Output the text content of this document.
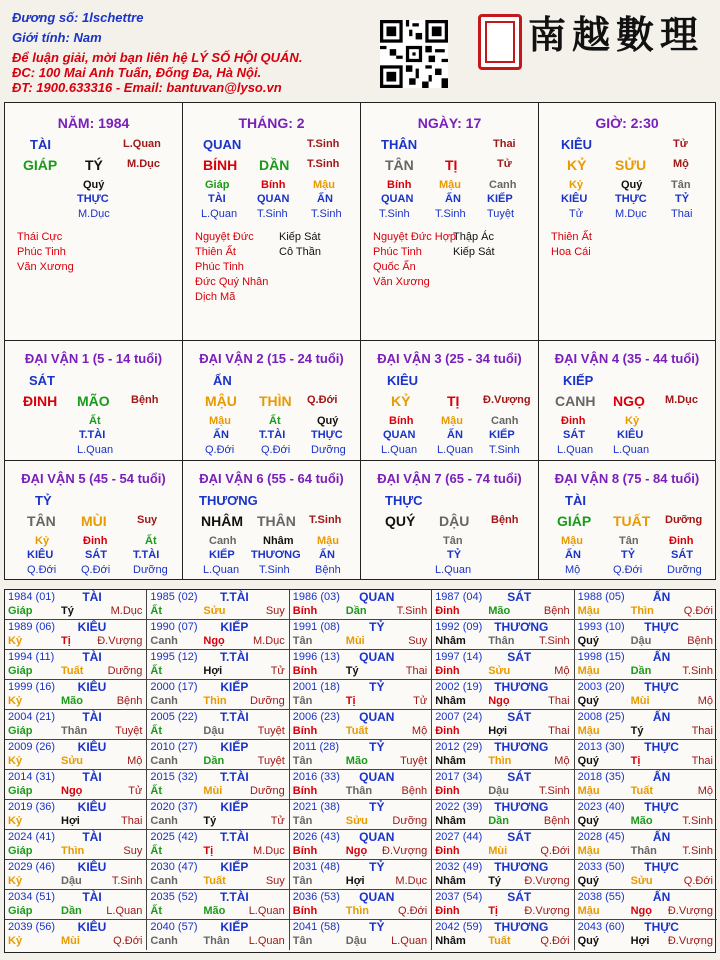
Đương số: 1lschettre
Giới tính: Nam
Để luận giải, mời bạn liên hệ LÝ SỐ HỘI QUÁN.
ĐC: 100 Mai Anh Tuấn, Đống Đa, Hà Nội.
ĐT: 1900.633316 - Email: bantuvan@lyso.vn
南越數理
NĂM: 1984
TÀI	L.Quan
GIÁP TÝ M.Dục
Quý
THỰC
M.Dục
Thái Cực
Phúc Tinh
Văn Xương
THÁNG: 2
QUAN	T.Sinh
BÍNH DẦN T.Sinh
Giáp
TÀI
L.Quan
Bính
QUAN
T.Sinh
Mậu
ẤN
T.Sinh
Nguyệt Đức
Thiên Ất
Phúc Tinh
Đức Quý Nhân
Dịch Mã
Kiếp Sát
Cô Thần
NGÀY: 17
THÂN	Thai
TÂN TỊ	Tử
Bính
QUAN
T.Sinh
Mậu
ẤN
T.Sinh
Canh
KIẾP
Tuyệt
Nguyệt Đức Hợp
Phúc Tinh
Quốc Ấn
Văn Xương
Thập Ác
Kiếp Sát
GIỜ: 2:30
KIÊU	Tử
KỶ SỬU Mộ
Kỷ
KIÊU
Tử
Quý
THỰC
M.Dục
Tân
TỶ
Thai
Thiên Ất
Hoa Cái
ĐẠI VẬN 1 (5 - 14 tuổi)
SÁT
ĐINH MÃO Bệnh
Ất
T.TÀI
L.Quan
ĐẠI VẬN 2 (15 - 24 tuổi)
ẤN
MẬU THÌN Q.Đới
Mậu
ẤN
Q.Đới
Ất
T.TÀI
Q.Đới
Quý
THỰC
Dưỡng
ĐẠI VẬN 3 (25 - 34 tuổi)
KIÊU
KỶ	TỊ Đ.Vượng
Bính
QUAN
L.Quan
Mậu
ẤN
L.Quan
Canh
KIẾP
T.Sinh
ĐẠI VẬN 4 (35 - 44 tuổi)
KIẾP
CANH NGỌ M.Dục
Đinh
SÁT
L.Quan
Kỷ
KIÊU
L.Quan
ĐẠI VẬN 5 (45 - 54 tuổi)
TỶ
TÂN MÙI	Suy
Kỷ
KIÊU
Q.Đới
Đinh
SÁT
Q.Đới
Ất
T.TÀI
Dưỡng
ĐẠI VẬN 6 (55 - 64 tuổi)
THƯƠNG
NHÂM THÂN T.Sinh
Canh
KIẾP
L.Quan
Nhâm
THƯƠNG
T.Sinh
Mậu
ẤN
Bệnh
ĐẠI VẬN 7 (65 - 74 tuổi)
THỰC
QUÝ DẬU Bệnh
Tân
TỶ
L.Quan
ĐẠI VẬN 8 (75 - 84 tuổi)
TÀI
GIÁP TUẤT Dưỡng
Mậu
ẤN
Mộ
Tân
TỶ
Q.Đới
Đinh
SÁT
Dưỡng
1984 (01)	TÀI
Giáp	Tý	M.Dục
1985 (02)	T.TÀI
Ất	Sửu	Suy
1986 (03)	QUAN
Bính	Dần	T.Sinh
1987 (04)	SÁT
Đinh	Mão	Bệnh
1988 (05)	ẤN
Mậu	Thìn	Q.Đới
1989 (06)	KIÊU
Kỷ	Tị Đ.Vượng
1990 (07)	KIẾP
Canh Ngọ	M.Dục
1991 (08)	TỶ
Tân	Mùi	Suy
1992 (09) THƯƠNG
Nhâm Thân T.Sinh
1993 (10)	THỰC
Quý	Dậu	Bệnh
1994 (11)	TÀI
Giáp	Tuất Dưỡng
1995 (12)	T.TÀI
Ất	Hợi	Tử
1996 (13)	QUAN
Bính	Tý	Thai
1997 (14)	SÁT
Đinh	Sửu	Mộ
1998 (15)	ẤN
Mậu	Dần	T.Sinh
1999 (16)	KIÊU
Kỷ	Mão	Bệnh
2000 (17)	KIẾP
Canh Thìn Dưỡng
2001 (18)	TỶ
Tân	Tị	Tử
2002 (19) THƯƠNG
Nhâm Ngọ	Thai
2003 (20)	THỰC
Quý	Mùi	Mộ
2004 (21)	TÀI
Giáp	Thân	Tuyệt
2005 (22)	T.TÀI
Ất	Dậu	Tuyệt
2006 (23)	QUAN
Bính	Tuất	Mộ
2007 (24)	SÁT
Đinh	Hợi	Thai
2008 (25)	ẤN
Mậu	Tý	Thai
2009 (26)	KIÊU
Kỷ	Sửu	Mộ
2010 (27)	KIẾP
Canh Dần	Tuyệt
2011 (28)	TỶ
Tân	Mão	Tuyệt
2012 (29) THƯƠNG
Nhâm Thìn	Mộ
2013 (30)	THỰC
Quý	Tị	Thai
2014 (31)	TÀI
Giáp	Ngọ	Tử
2015 (32)	T.TÀI
Ất	Mùi	Dưỡng
2016 (33)	QUAN
Bính	Thân	Bệnh
2017 (34)	SÁT
Đinh	Dậu	T.Sinh
2018 (35)	ẤN
Mậu	Tuất	Mộ
2019 (36)	KIÊU
Kỷ	Hợi	Thai
2020 (37)	KIẾP
Canh Tý	Tử
2021 (38)	TỶ
Tân	Sửu Dưỡng
2022 (39) THƯƠNG
Nhâm Dần	Bệnh
2023 (40)	THỰC
Quý	Mão	T.Sinh
2024 (41)	TÀI
Giáp	Thìn	Suy
2025 (42)	T.TÀI
Ất	Tị	M.Dục
2026 (43)	QUAN
Bính	Ngọ Đ.Vượng
2027 (44)	SÁT
Đinh	Mùi	Q.Đới
2028 (45)	ẤN
Mậu	Thân T.Sinh
2029 (46)	KIÊU
Kỷ	Dậu	T.Sinh
2030 (47)	KIẾP
Canh Tuất	Suy
2031 (48)	TỶ
Tân	Hợi	M.Dục
2032 (49) THƯƠNG
Nhâm Tý Đ.Vượng
2033 (50)	THỰC
Quý	Sửu	Q.Đới
2034 (51)	TÀI
Giáp	Dần L.Quan
2035 (52)	T.TÀI
Ất	Mão L.Quan
2036 (53)	QUAN
Bính	Thìn	Q.Đới
2037 (54)	SÁT
Đinh	Tị Đ.Vượng
2038 (55)	ẤN
Mậu	Ngọ Đ.Vượng
2039 (56)	KIÊU
Kỷ	Mùi	Q.Đới
2040 (57)	KIẾP
Canh Thân L.Quan
2041 (58)	TỶ
Tân	Dậu L.Quan
2042 (59) THƯƠNG
Nhâm Tuất	Q.Đới
2043 (60)	THỰC
Quý	Hợi Đ.Vượng
